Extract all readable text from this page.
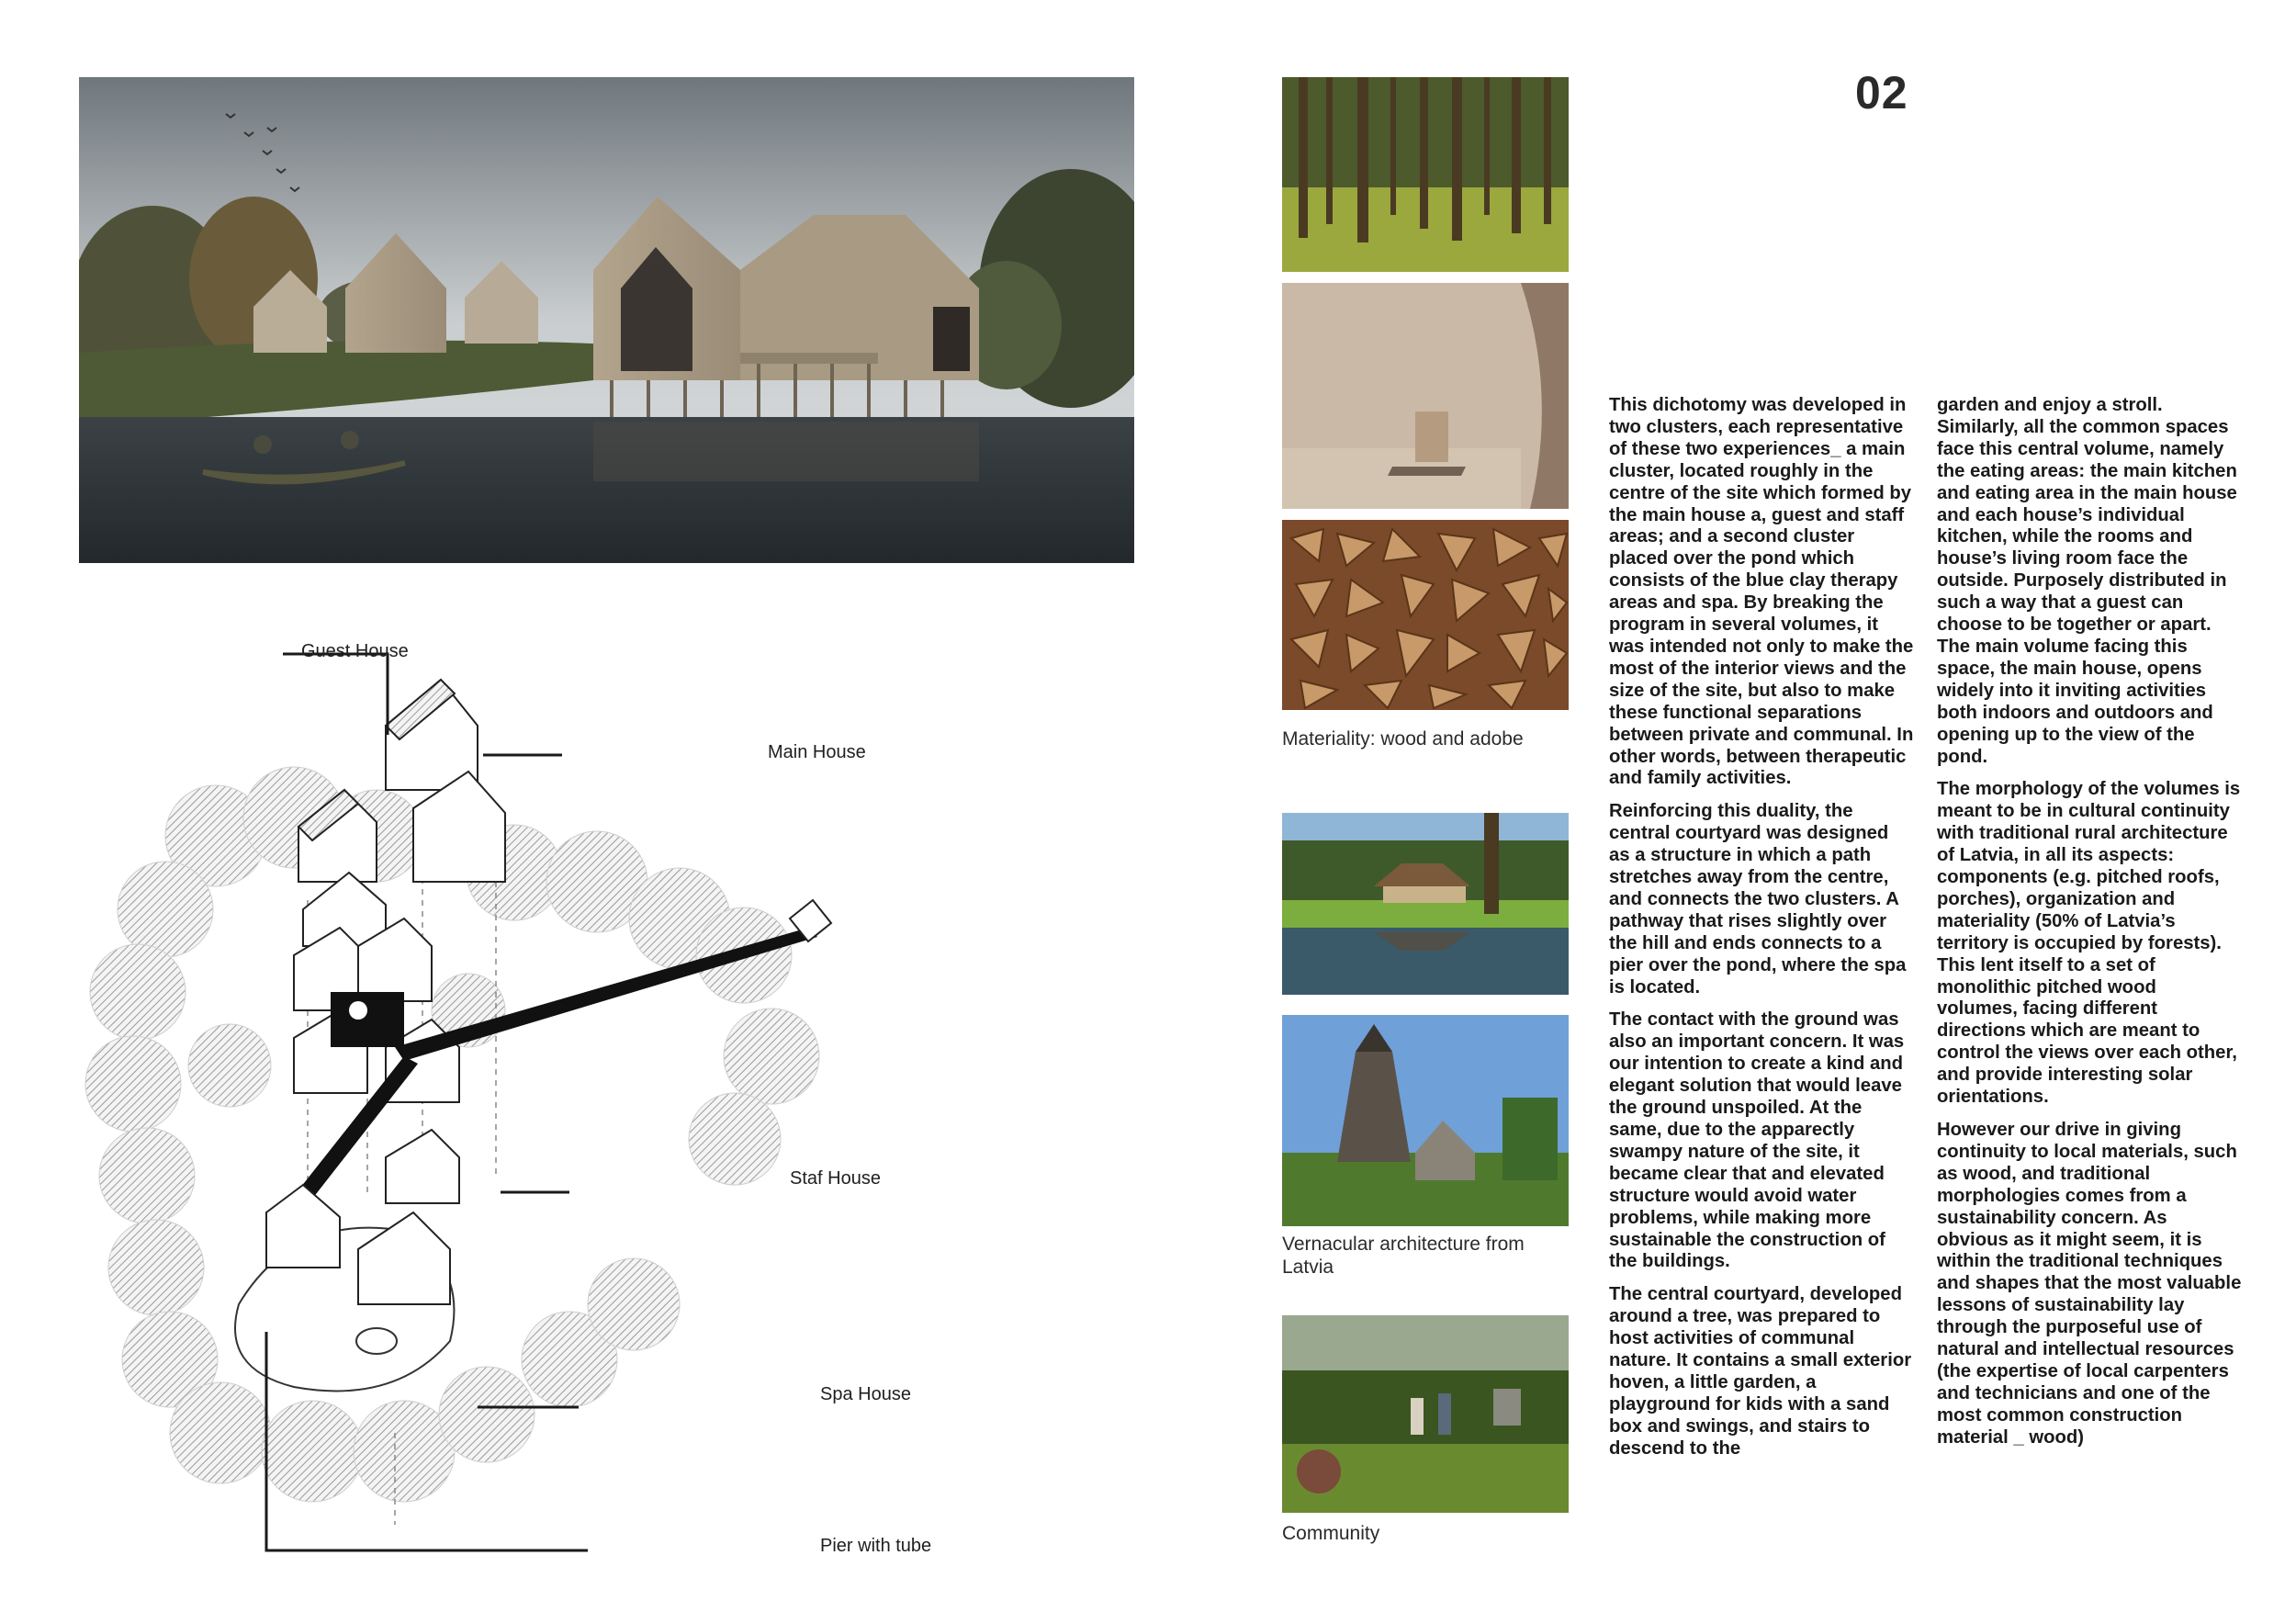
02
Guest House
Main House
Staf House
Spa House
Pier with tube
Materiality: wood and adobe
Vernacular architecture from Latvia
Community

This dichotomy was developed in two clusters, each representative of these two experiences_ a main cluster, located roughly in the centre of the site which formed by the main house a, guest and staff areas; and a second cluster placed over the pond which consists of the blue clay therapy areas and spa. By breaking the program in several volumes, it was intended not only to make the most of the interior views and the size of the site, but also to make these functional separations between private and communal. In other words, between therapeutic and family activities.

Reinforcing this duality, the central courtyard was designed as a structure in which a path stretches away from the centre, and connects the two clusters. A pathway that rises slightly over the hill and ends connects to a pier over the pond, where the spa is located.

The contact with the ground was also an important concern. It was our intention to create a kind and elegant solution that would leave the ground unspoiled. At the same, due to the apparectly swampy nature of the site, it became clear that and elevated structure would avoid water problems, while making more sustainable the construction of the buildings.

The central courtyard, developed around a tree, was prepared to host activities of communal nature. It contains a small exterior hoven, a little garden, a playground for kids with a sand box and swings, and stairs to descend to the

garden and enjoy a stroll. Similarly, all the common spaces face this central volume, namely the eating areas: the main kitchen and eating area in the main house and each house’s individual kitchen, while the rooms and house’s living room face the outside. Purposely distributed in such a way that a guest can choose to be together or apart. The main volume facing this space, the main house, opens widely into it inviting activities both indoors and outdoors and opening up to the view of the pond.

The morphology of the volumes is meant to be in cultural continuity with traditional rural architecture of Latvia, in all its aspects: components (e.g. pitched roofs, porches), organization and materiality (50% of Latvia’s territory is occupied by forests). This lent itself to a set of monolithic pitched wood volumes, facing different directions which are meant to control the views over each other, and provide interesting solar orientations.

However our drive in giving continuity to local materials, such as wood, and traditional morphologies comes from a sustainability concern. As obvious as it might seem, it is within the traditional techniques and shapes that the most valuable lessons of sustainability lay through the purposeful use of natural and intellectual resources (the expertise of local carpenters and technicians and one of the most common construction material _ wood)
